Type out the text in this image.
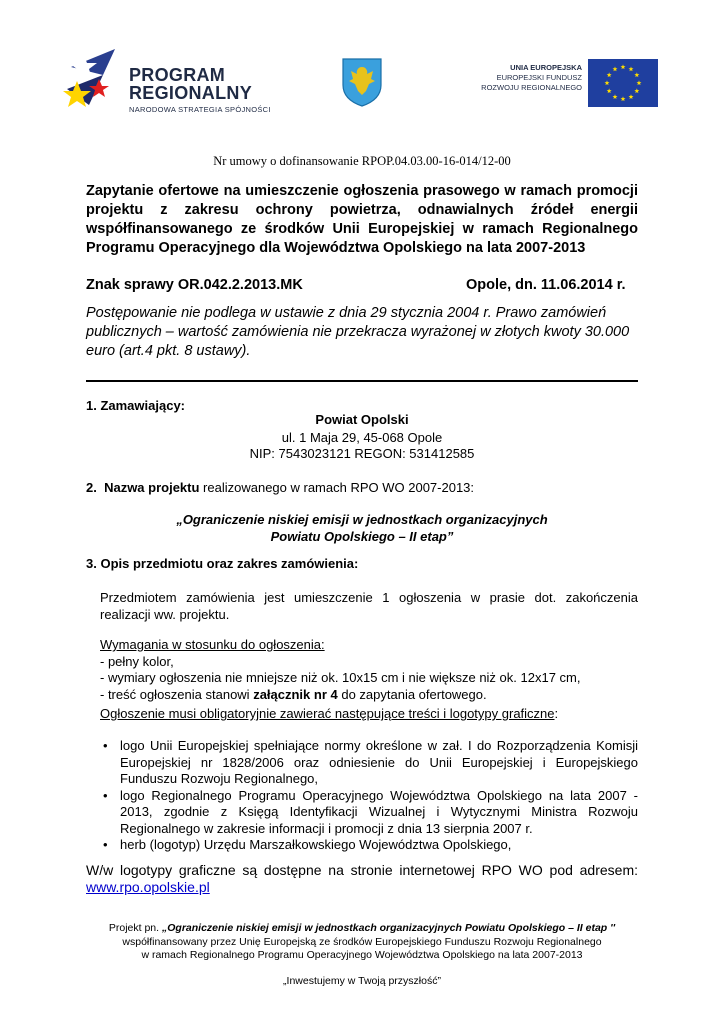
PROGRAM
REGIONALNY
NARODOWA STRATEGIA SPÓJNOŚCI
UNIA EUROPEJSKA
EUROPEJSKI FUNDUSZ
ROZWOJU REGIONALNEGO
Nr umowy o dofinansowanie RPOP.04.03.00-16-014/12-00
Zapytanie ofertowe na umieszczenie ogłoszenia prasowego w ramach promocji projektu z zakresu ochrony powietrza, odnawialnych źródeł energii współfinansowanego ze środków Unii Europejskiej w ramach Regionalnego Programu Operacyjnego dla Województwa Opolskiego na lata 2007-2013
Znak sprawy OR.042.2.2013.MK	Opole, dn. 11.06.2014 r.
Postępowanie nie podlega w ustawie z dnia 29 stycznia 2004 r. Prawo zamówień publicznych – wartość zamówienia nie przekracza wyrażonej w złotych kwoty 30.000 euro (art.4 pkt. 8 ustawy).
1. Zamawiający:
Powiat Opolski
ul. 1 Maja 29, 45-068 Opole
NIP: 7543023121 REGON: 531412585
2. Nazwa projektu realizowanego w ramach RPO WO 2007-2013:
„Ograniczenie niskiej emisji w jednostkach organizacyjnych
Powiatu Opolskiego – II etap”
3. Opis przedmiotu oraz zakres zamówienia:
Przedmiotem zamówienia jest umieszczenie 1 ogłoszenia w prasie dot. zakończenia realizacji ww. projektu.
Wymagania w stosunku do ogłoszenia:
- pełny kolor,
- wymiary ogłoszenia nie mniejsze niż ok. 10x15 cm i nie większe niż ok. 12x17 cm,
- treść ogłoszenia stanowi załącznik nr 4 do zapytania ofertowego.
Ogłoszenie musi obligatoryjnie zawierać następujące treści i logotypy graficzne:
• logo Unii Europejskiej spełniające normy określone w zał. I do Rozporządzenia Komisji Europejskiej nr 1828/2006 oraz odniesienie do Unii Europejskiej i Europejskiego Funduszu Rozwoju Regionalnego,
• logo Regionalnego Programu Operacyjnego Województwa Opolskiego na lata 2007 - 2013, zgodnie z Księgą Identyfikacji Wizualnej i Wytycznymi Ministra Rozwoju Regionalnego w zakresie informacji i promocji z dnia 13 sierpnia 2007 r.
• herb (logotyp) Urzędu Marszałkowskiego Województwa Opolskiego,
W/w logotypy graficzne są dostępne na stronie internetowej RPO WO pod adresem: www.rpo.opolskie.pl
Projekt pn. „Ograniczenie niskiej emisji w jednostkach organizacyjnych Powiatu Opolskiego – II etap ''
współfinansowany przez Unię Europejską ze środków Europejskiego Funduszu Rozwoju Regionalnego
w ramach Regionalnego Programu Operacyjnego Województwa Opolskiego na lata 2007-2013
„Inwestujemy w Twoją przyszłość”
